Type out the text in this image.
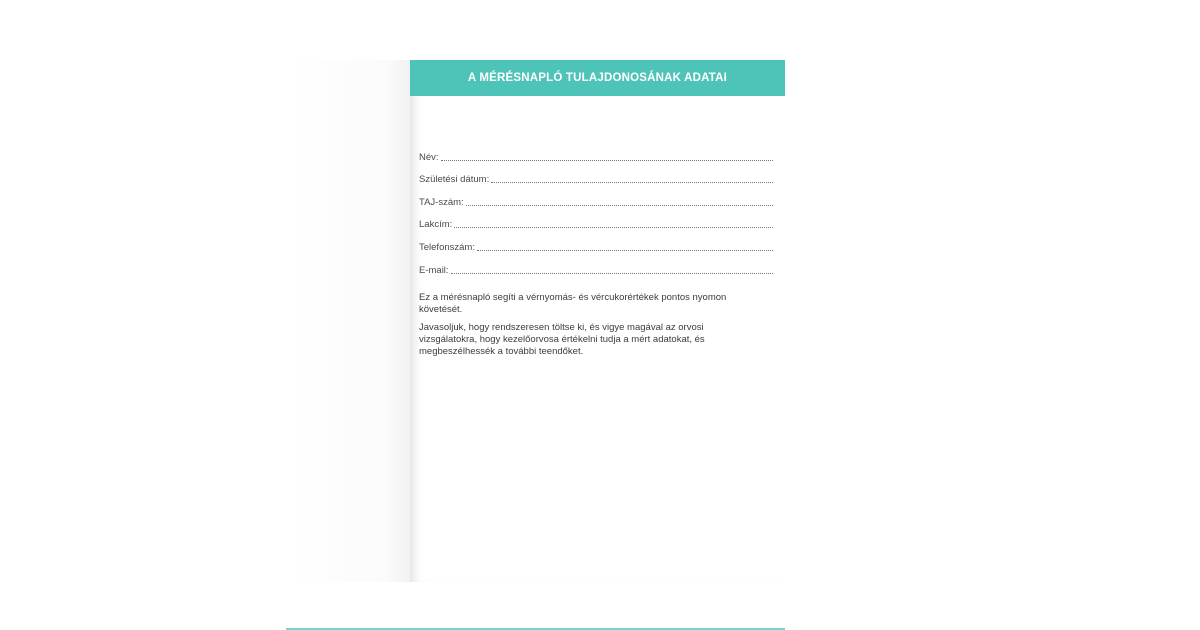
A MÉRÉSNAPLÓ TULAJDONOSÁNAK ADATAI
Név:
Születési dátum:
TAJ-szám:
Lakcím:
Telefonszám:
E-mail:

Ez a mérésnapló segíti a vérnyomás- és vércukorértékek pontos nyomon követését.

Javasoljuk, hogy rendszeresen töltse ki, és vigye magával az orvosi vizsgálatokra, hogy kezelőorvosa értékelni tudja a mért adatokat, és megbeszélhessék a további teendőket.
